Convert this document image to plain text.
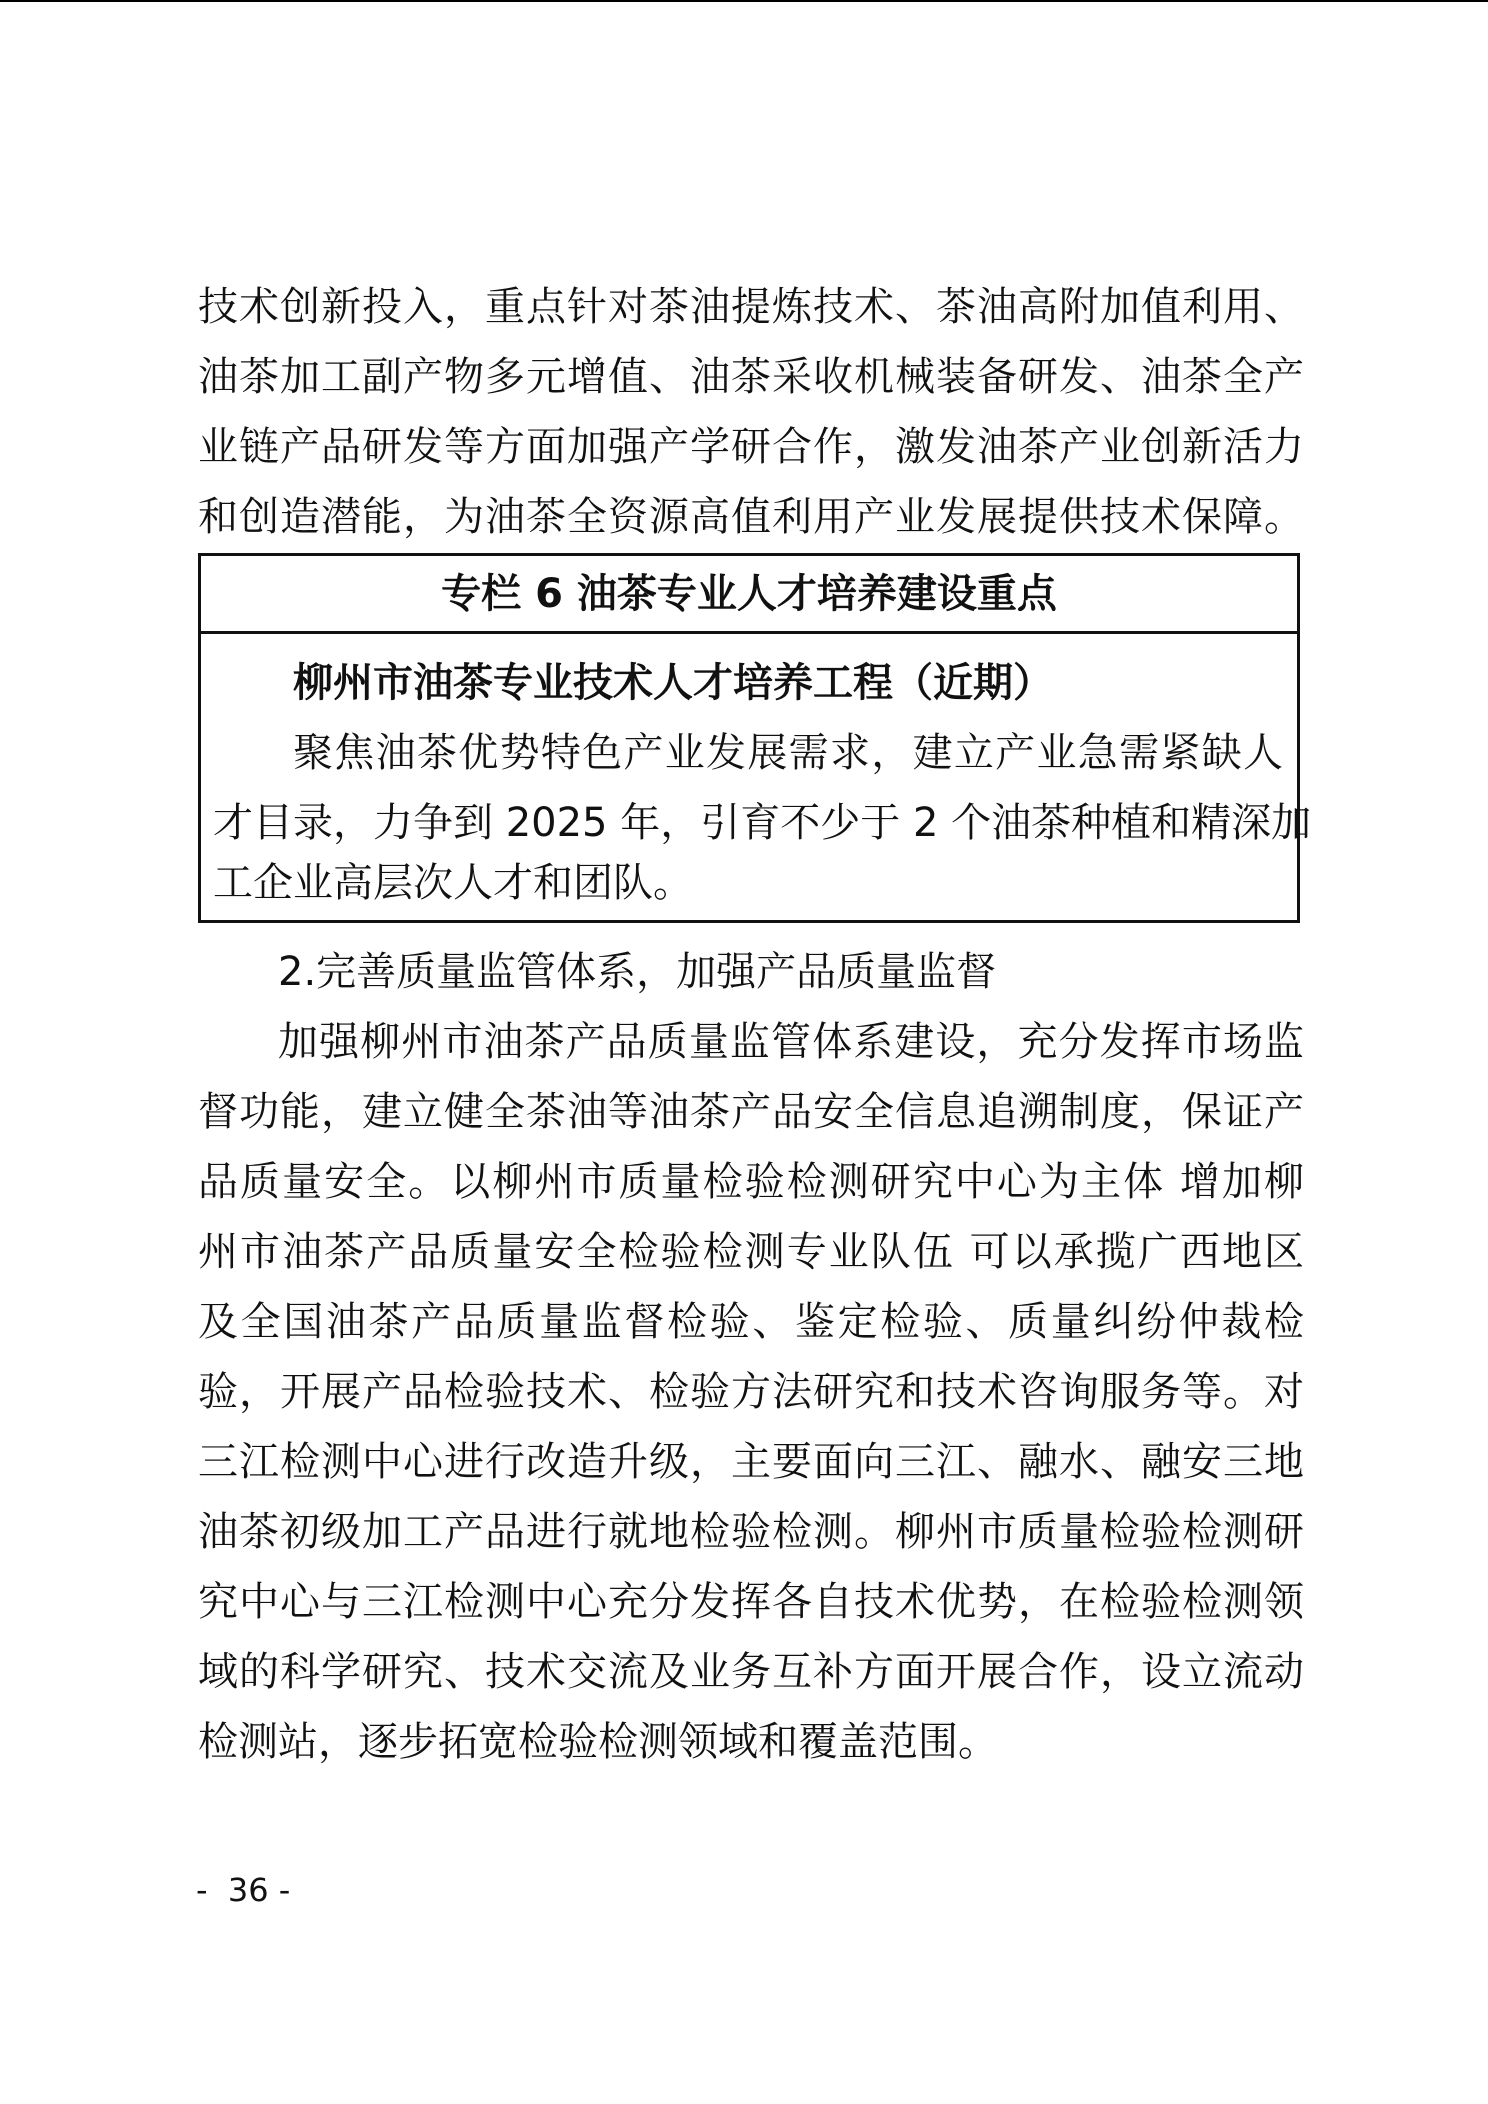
技术创新投入，重点针对茶油提炼技术、茶油高附加值利用、
油茶加工副产物多元增值、油茶采收机械装备研发、油茶全产
业链产品研发等方面加强产学研合作，激发油茶产业创新活力
和创造潜能，为油茶全资源高值利用产业发展提供技术保障。
专栏 6 油茶专业人才培养建设重点
柳州市油茶专业技术人才培养工程（近期）
聚焦油茶优势特色产业发展需求，建立产业急需紧缺人
才目录，力争到 2025 年，引育不少于 2 个油茶种植和精深加
工企业高层次人才和团队。
2.完善质量监管体系，加强产品质量监督
加强柳州市油茶产品质量监管体系建设，充分发挥市场监
督功能，建立健全茶油等油茶产品安全信息追溯制度，保证产
品质量安全。以柳州市质量检验检测研究中心为主体 增加柳
州市油茶产品质量安全检验检测专业队伍 可以承揽广西地区
及全国油茶产品质量监督检验、鉴定检验、质量纠纷仲裁检
验，开展产品检验技术、检验方法研究和技术咨询服务等。对
三江检测中心进行改造升级，主要面向三江、融水、融安三地
油茶初级加工产品进行就地检验检测。柳州市质量检验检测研
究中心与三江检测中心充分发挥各自技术优势，在检验检测领
域的科学研究、技术交流及业务互补方面开展合作，设立流动
检测站，逐步拓宽检验检测领域和覆盖范围。
-  36 -
